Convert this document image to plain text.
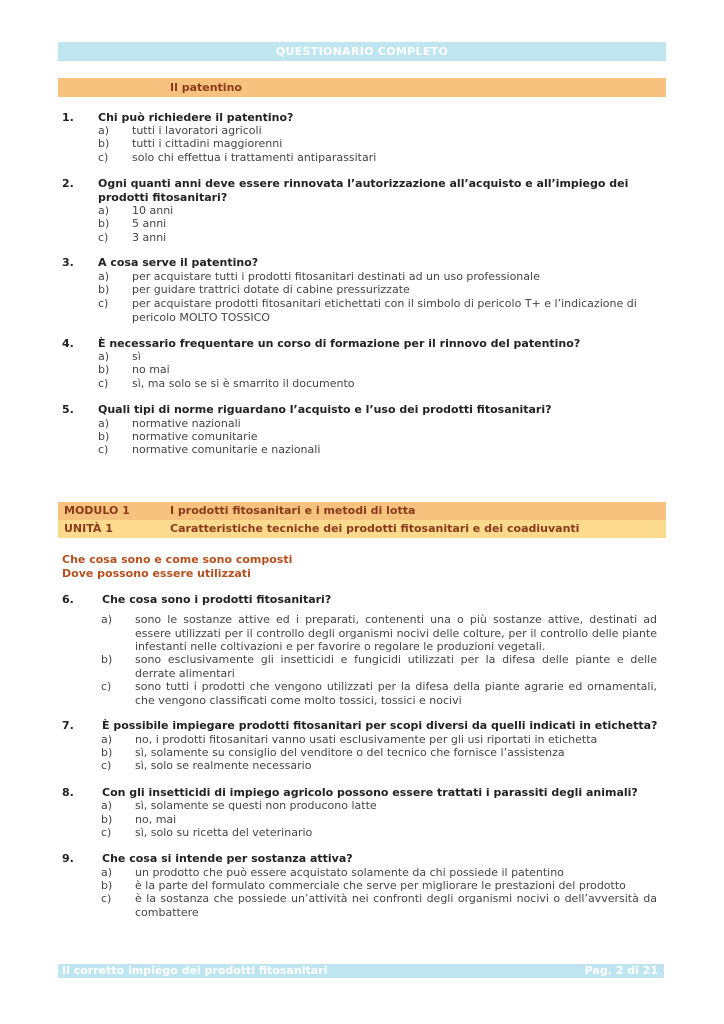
QUESTIONARIO COMPLETO
Il patentino
1. Chi può richiedere il patentino?
a) tutti i lavoratori agricoli
b) tutti i cittadini maggiorenni
c) solo chi effettua i trattamenti antiparassitari
2. Ogni quanti anni deve essere rinnovata l’autorizzazione all’acquisto e all’impiego dei prodotti fitosanitari?
a) 10 anni
b) 5 anni
c) 3 anni
3. A cosa serve il patentino?
a) per acquistare tutti i prodotti fitosanitari destinati ad un uso professionale
b) per guidare trattrici dotate di cabine pressurizzate
c) per acquistare prodotti fitosanitari etichettati con il simbolo di pericolo T+ e l’indicazione di pericolo MOLTO TOSSICO
4. È necessario frequentare un corso di formazione per il rinnovo del patentino?
a) sì
b) no mai
c) sì, ma solo se si è smarrito il documento
5. Quali tipi di norme riguardano l’acquisto e l’uso dei prodotti fitosanitari?
a) normative nazionali
b) normative comunitarie
c) normative comunitarie e nazionali
MODULO 1	I prodotti fitosanitari e i metodi di lotta
UNITÀ 1	Caratteristiche tecniche dei prodotti fitosanitari e dei coadiuvanti
Che cosa sono e come sono composti
Dove possono essere utilizzati
6.	Che cosa sono i prodotti fitosanitari?
a) sono le sostanze attive ed i preparati, contenenti una o più sostanze attive, destinati ad essere utilizzati per il controllo degli organismi nocivi delle colture, per il controllo delle piante infestanti nelle coltivazioni e per favorire o regolare le produzioni vegetali.
b) sono esclusivamente gli insetticidi e fungicidi utilizzati per la difesa delle piante e delle derrate alimentari
c) sono tutti i prodotti che vengono utilizzati per la difesa della piante agrarie ed ornamentali, che vengono classificati come molto tossici, tossici e nocivi
7.	È possibile impiegare prodotti fitosanitari per scopi diversi da quelli indicati in etichetta?
a) no, i prodotti fitosanitari vanno usati esclusivamente per gli usi riportati in etichetta
b) sì, solamente su consiglio del venditore o del tecnico che fornisce l’assistenza
c) sì, solo se realmente necessario
8.	Con gli insetticidi di impiego agricolo possono essere trattati i parassiti degli animali?
a) sì, solamente se questi non producono latte
b) no, mai
c) sì, solo su ricetta del veterinario
9.	Che cosa si intende per sostanza attiva?
a) un prodotto che può essere acquistato solamente da chi possiede il patentino
b) è la parte del formulato commerciale che serve per migliorare le prestazioni del prodotto
c) è la sostanza che possiede un’attività nei confronti degli organismi nocivi o dell’avversità da combattere
Il corretto impiego dei prodotti fitosanitari	Pag. 2 di 21
